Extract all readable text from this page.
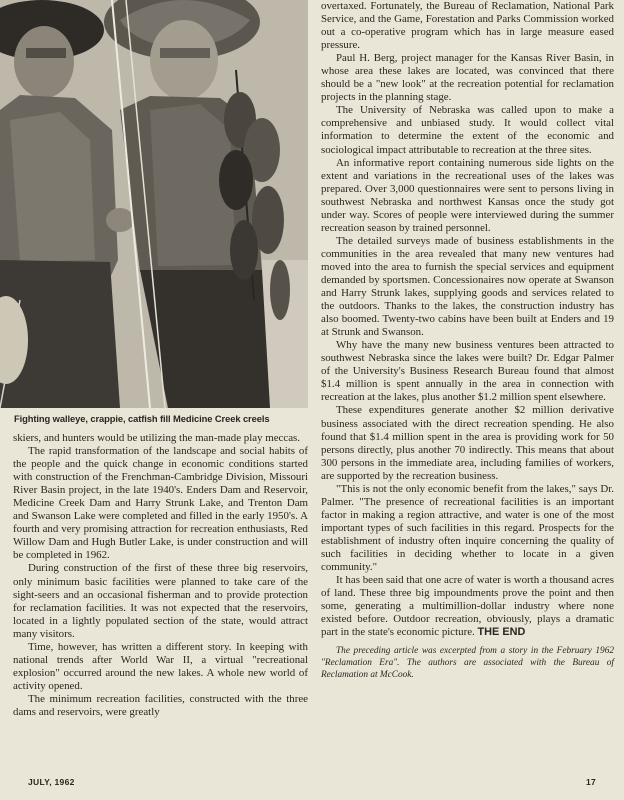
Fighting walleye, crappie, catfish fill Medicine Creek creels

skiers, and hunters would be utilizing the man-made play meccas.

The rapid transformation of the landscape and social habits of the people and the quick change in economic conditions started with construction of the Frenchman-Cambridge Division, Missouri River Basin project, in the late 1940's. Enders Dam and Reservoir, Medicine Creek Dam and Harry Strunk Lake, and Trenton Dam and Swanson Lake were completed and filled in the early 1950's. A fourth and very promising attraction for recreation enthusiasts, Red Willow Dam and Hugh Butler Lake, is under construction and will be completed in 1962.

During construction of the first of these three big reservoirs, only minimum basic facilities were planned to take care of the sight-seers and an occasional fisherman and to provide protection for reclamation facilities. It was not expected that the reservoirs, located in a lightly populated section of the state, would attract many visitors.

Time, however, has written a different story. In keeping with national trends after World War II, a virtual "recreational explosion" occurred around the new lakes. A whole new world of activity opened.

The minimum recreation facilities, constructed with the three dams and reservoirs, were greatly

overtaxed. Fortunately, the Bureau of Reclamation, National Park Service, and the Game, Forestation and Parks Commission worked out a co-operative program which has in large measure eased pressure.

Paul H. Berg, project manager for the Kansas River Basin, in whose area these lakes are located, was convinced that there should be a "new look" at the recreation potential for reclamation projects in the planning stage.

The University of Nebraska was called upon to make a comprehensive and unbiased study. It would collect vital information to determine the extent of the economic and sociological impact attributable to recreation at the three sites.

An informative report containing numerous side lights on the extent and variations in the recreational uses of the lakes was prepared. Over 3,000 questionnaires were sent to persons living in southwest Nebraska and northwest Kansas once the study got under way. Scores of people were interviewed during the summer recreation season by trained personnel.

The detailed surveys made of business establishments in the communities in the area revealed that many new ventures had moved into the area to furnish the special services and equipment demanded by sportsmen. Concessionaires now operate at Swanson and Harry Strunk lakes, supplying goods and services related to the outdoors. Thanks to the lakes, the construction industry has also boomed. Twenty-two cabins have been built at Enders and 19 at Strunk and Swanson.

Why have the many new business ventures been attracted to southwest Nebraska since the lakes were built? Dr. Edgar Palmer of the University's Business Research Bureau found that almost $1.4 million is spent annually in the area in connection with recreation at the lakes, plus another $1.2 million spent elsewhere.

These expenditures generate another $2 million derivative business associated with the direct recreation spending. He also found that $1.4 million spent in the area is providing work for 50 persons directly, plus another 70 indirectly. This means that about 300 persons in the immediate area, including families of workers, are supported by the recreation business.

"This is not the only economic benefit from the lakes," says Dr. Palmer. "The presence of recreational facilities is an important factor in making a region attractive, and water is one of the most important types of such facilities in this regard. Prospects for the establishment of industry often inquire concerning the quality of such facilities in deciding whether to locate in a given community."

It has been said that one acre of water is worth a thousand acres of land. These three big impoundments prove the point and then some, generating a multimillion-dollar industry where none existed before. Outdoor recreation, obviously, plays a dramatic part in the state's economic picture. THE END

The preceding article was excerpted from a story in the February 1962 "Reclamation Era". The authors are associated with the Bureau of Reclamation at McCook.

JULY, 1962	17
